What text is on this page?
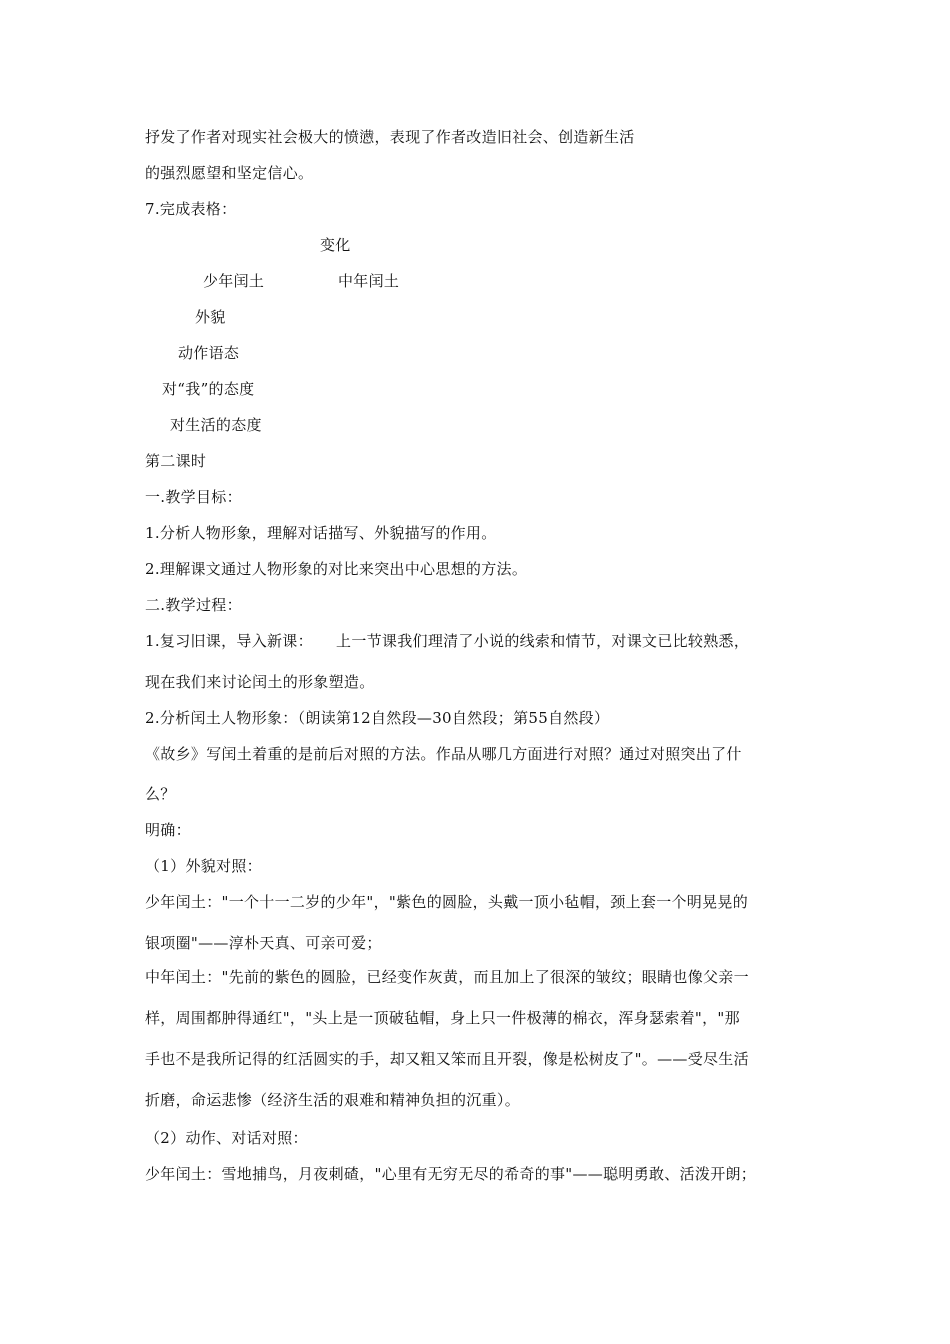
抒发了作者对现实社会极大的愤懑，表现了作者改造旧社会、创造新生活
的强烈愿望和坚定信心。
7.完成表格：
变化
少年闰土	中年闰土
外貌
动作语态
对“我”的态度
对生活的态度
第二课时
一.教学目标：
1.分析人物形象，理解对话描写、外貌描写的作用。
2.理解课文通过人物形象的对比来突出中心思想的方法。
二.教学过程：
1.复习旧课，导入新课：　　上一节课我们理清了小说的线索和情节，对课文已比较熟悉，
现在我们来讨论闰土的形象塑造。
2.分析闰土人物形象：（朗读第12自然段—30自然段；第55自然段）
《故乡》写闰土着重的是前后对照的方法。作品从哪几方面进行对照？通过对照突出了什
么？
明确：
（1）外貌对照：
少年闰土："一个十一二岁的少年"，"紫色的圆脸，头戴一顶小毡帽，颈上套一个明晃晃的
银项圈"——淳朴天真、可亲可爱；
中年闰土："先前的紫色的圆脸，已经变作灰黄，而且加上了很深的皱纹；眼睛也像父亲一
样，周围都肿得通红"，"头上是一顶破毡帽，身上只一件极薄的棉衣，浑身瑟索着"，"那
手也不是我所记得的红活圆实的手，却又粗又笨而且开裂，像是松树皮了"。——受尽生活
折磨，命运悲惨（经济生活的艰难和精神负担的沉重）。
（2）动作、对话对照：
少年闰土：雪地捕鸟，月夜刺碴，"心里有无穷无尽的希奇的事"——聪明勇敢、活泼开朗；
